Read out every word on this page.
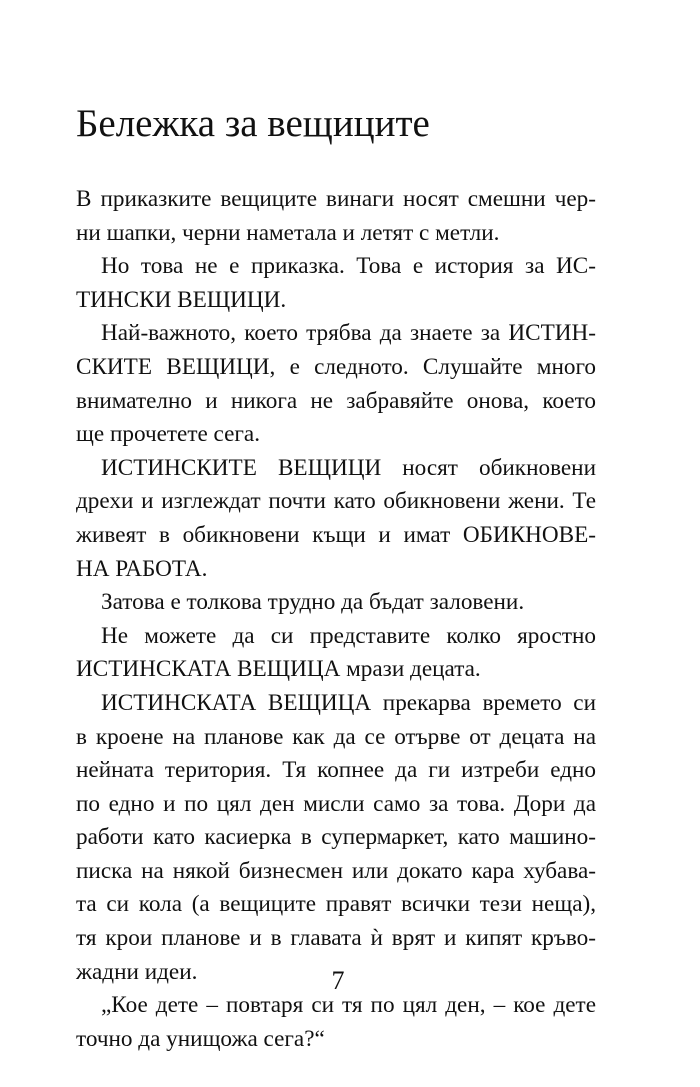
Бележка за вещиците
В приказките вещиците винаги носят смешни чер-
ни шапки, черни наметала и летят с метли.
Но това не е приказка. Това е история за ИС-
ТИНСКИ ВЕЩИЦИ.
Най-важното, което трябва да знаете за ИСТИН-
СКИТЕ ВЕЩИЦИ, е следното. Слушайте много
внимателно и никога не забравяйте онова, което
ще прочетете сега.
ИСТИНСКИТЕ ВЕЩИЦИ носят обикновени
дрехи и изглеждат почти като обикновени жени. Те
живеят в обикновени къщи и имат ОБИКНОВЕ-
НА РАБОТА.
Затова е толкова трудно да бъдат заловени.
Не можете да си представите колко яростно
ИСТИНСКАТА ВЕЩИЦА мрази децата.
ИСТИНСКАТА ВЕЩИЦА прекарва времето си
в кроене на планове как да се отърве от децата на
нейната територия. Тя копнее да ги изтреби едно
по едно и по цял ден мисли само за това. Дори да
работи като касиерка в супермаркет, като машино-
писка на някой бизнесмен или докато кара хубава-
та си кола (а вещиците правят всички тези неща),
тя крои планове и в главата ѝ врят и кипят кръво-
жадни идеи.
„Кое дете – повтаря си тя по цял ден, – кое дете
точно да унищожа сега?“
7
